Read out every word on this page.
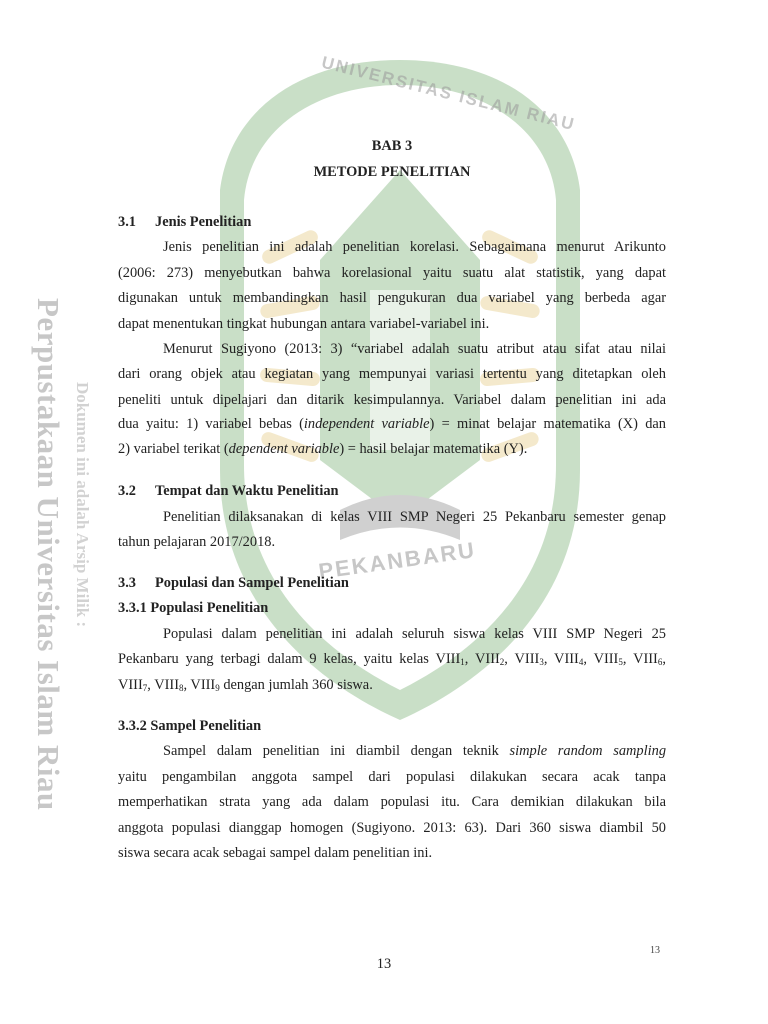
UNIVERSITAS ISLAM RIAU
PEKANBARU
Perpustakaan Universitas Islam Riau Dokumen ini adalah Arsip Milik :
BAB 3
METODE PENELITIAN
3.1 Jenis Penelitian
Jenis penelitian ini adalah penelitian korelasi. Sebagaimana menurut Arikunto
(2006: 273) menyebutkan bahwa korelasional yaitu suatu alat statistik, yang dapat
digunakan untuk membandingkan hasil pengukuran dua variabel yang berbeda agar
dapat menentukan tingkat hubungan antara variabel-variabel ini.
Menurut Sugiyono (2013: 3) “variabel adalah suatu atribut atau sifat atau nilai
dari orang objek atau kegiatan yang mempunyai variasi tertentu yang ditetapkan oleh
peneliti untuk dipelajari dan ditarik kesimpulannya. Variabel dalam penelitian ini ada
dua yaitu: 1) variabel bebas (independent variable) = minat belajar matematika (X) dan
2) variabel terikat (dependent variable) = hasil belajar matematika (Y).
3.2 Tempat dan Waktu Penelitian
Penelitian dilaksanakan di kelas VIII SMP Negeri 25 Pekanbaru semester genap
tahun pelajaran 2017/2018.
3.3 Populasi dan Sampel Penelitian
3.3.1 Populasi Penelitian
Populasi dalam penelitian ini adalah seluruh siswa kelas VIII SMP Negeri 25
Pekanbaru yang terbagi dalam 9 kelas, yaitu kelas $VIII_1$, $VIII_2$, $VIII_3$, $VIII_4$, $VIII_5$, $VIII_6$,
$VIII_7$, $VIII_8$, $VIII_9$ dengan jumlah 360 siswa.
3.3.2 Sampel Penelitian
Sampel dalam penelitian ini diambil dengan teknik simple random sampling
yaitu pengambilan anggota sampel dari populasi dilakukan secara acak tanpa
memperhatikan strata yang ada dalam populasi itu. Cara demikian dilakukan bila
anggota populasi dianggap homogen (Sugiyono. 2013: 63). Dari 360 siswa diambil 50
siswa secara acak sebagai sampel dalam penelitian ini.
13
13
